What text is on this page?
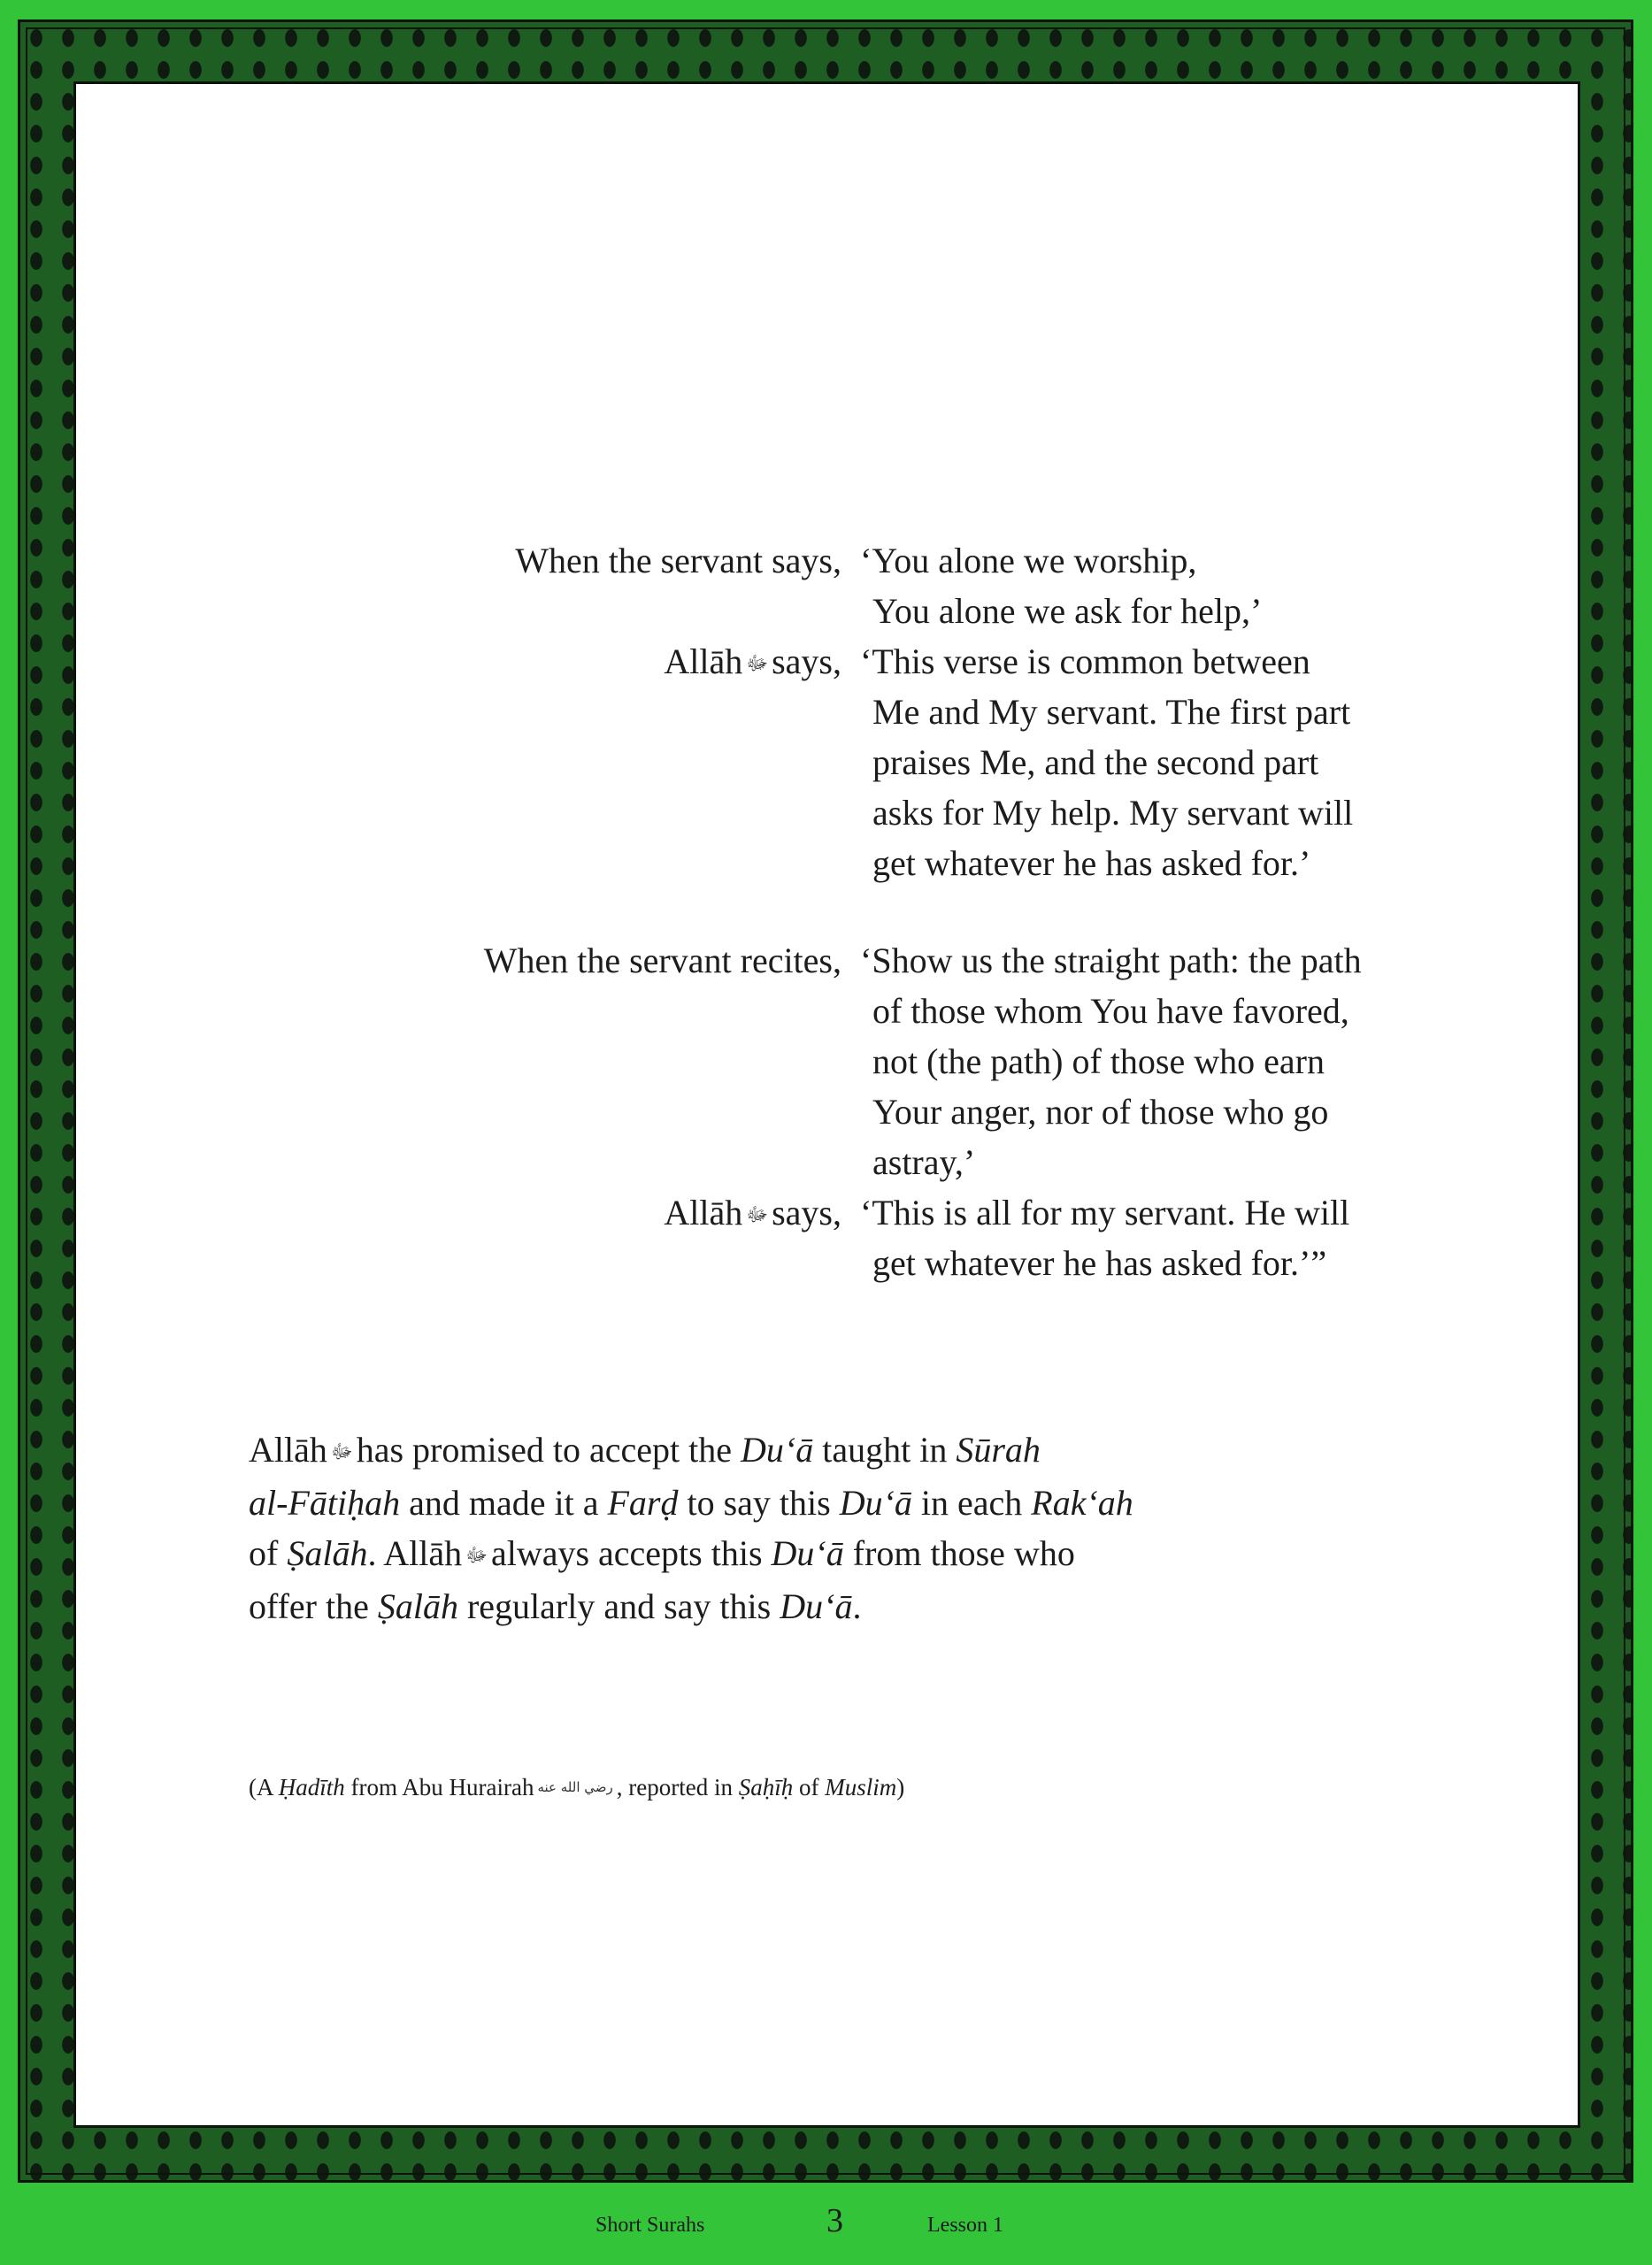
When the servant says, ‘You alone we worship,
You alone we ask for help,’
Allāh ﷻ says, ‘This verse is common between
Me and My servant. The first part
praises Me, and the second part
asks for My help. My servant will
get whatever he has asked for.’
When the servant recites, ‘Show us the straight path: the path
of those whom You have favored,
not (the path) of those who earn
Your anger, nor of those who go
astray,’
Allāh ﷻ says, ‘This is all for my servant. He will
get whatever he has asked for.’”
Allāh ﷻ has promised to accept the Du‘ā taught in Sūrah
al-Fātiḥah and made it a Farḍ to say this Du‘ā in each Rak‘ah
of Ṣalāh. Allāh ﷻ always accepts this Du‘ā from those who
offer the Ṣalāh regularly and say this Du‘ā.
(A Ḥadīth from Abu Hurairah رضي الله عنه , reported in Ṣaḥīḥ of Muslim)
Short Surahs	3	Lesson 1
